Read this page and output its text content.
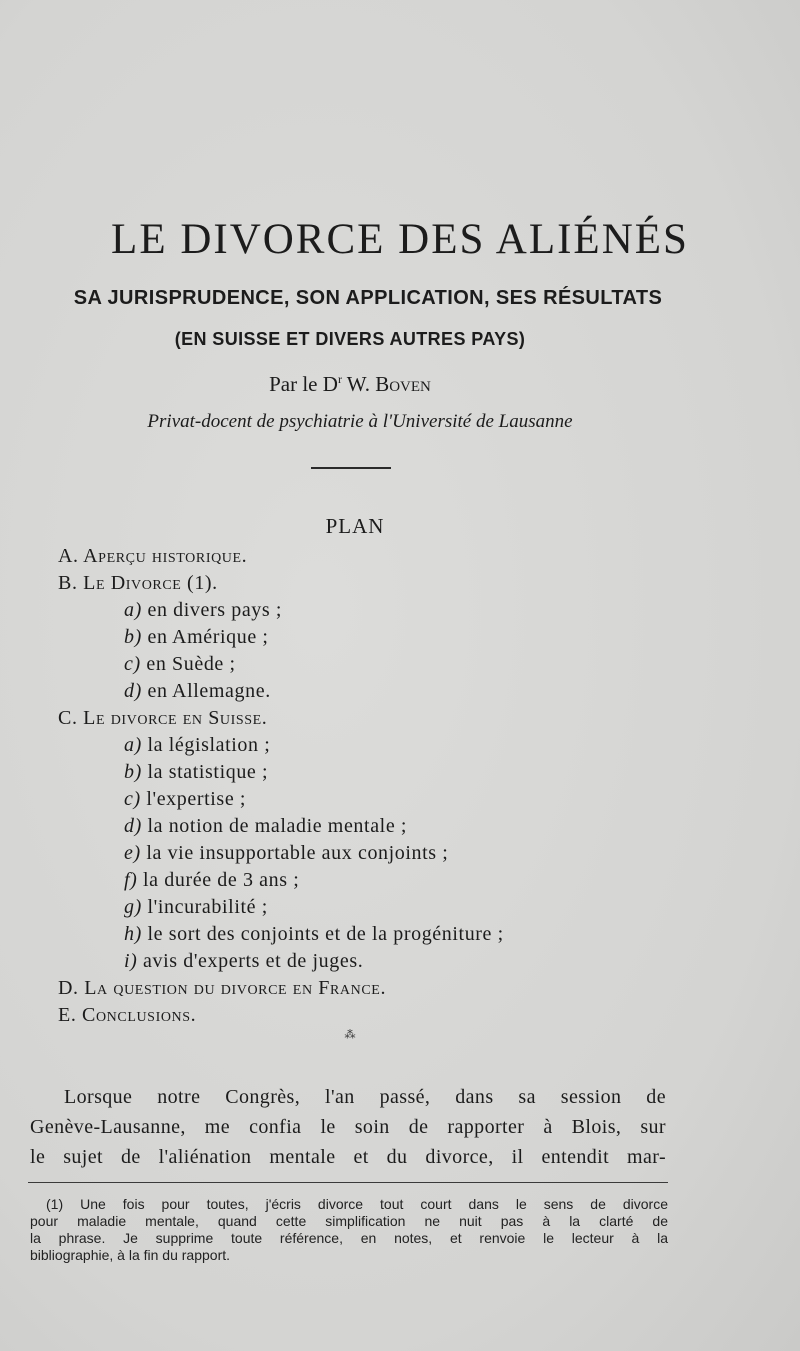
LE DIVORCE DES ALIÉNÉS
SA JURISPRUDENCE, SON APPLICATION, SES RÉSULTATS
(EN SUISSE ET DIVERS AUTRES PAYS)
Par le $D^r$ W. Boven
Privat-docent de psychiatrie à l'Université de Lausanne
PLAN
A. Aperçu historique.
B. Le Divorce (1).
a) en divers pays ;
b) en Amérique ;
c) en Suède ;
d) en Allemagne.
C. Le divorce en Suisse.
a) la législation ;
b) la statistique ;
c) l'expertise ;
d) la notion de maladie mentale ;
e) la vie insupportable aux conjoints ;
f) la durée de 3 ans ;
g) l'incurabilité ;
h) le sort des conjoints et de la progéniture ;
i) avis d'experts et de juges.
D. La question du divorce en France.
E. Conclusions.
⁂
Lorsque notre Congrès, l'an passé, dans sa session de
Genève-Lausanne, me confia le soin de rapporter à Blois, sur
le sujet de l'aliénation mentale et du divorce, il entendit mar-
(1) Une fois pour toutes, j'écris divorce tout court dans le sens de divorce
pour maladie mentale, quand cette simplification ne nuit pas à la clarté de
la phrase. Je supprime toute référence, en notes, et renvoie le lecteur à la
bibliographie, à la fin du rapport.
